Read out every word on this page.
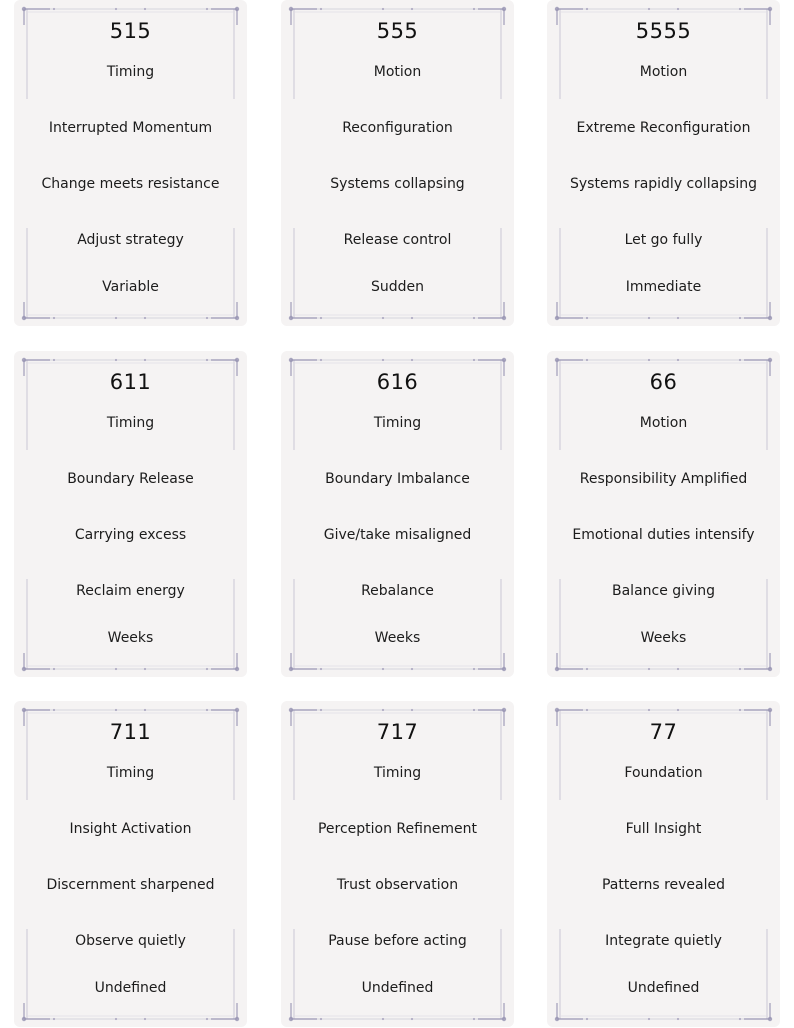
515
Timing
Interrupted Momentum
Change meets resistance
Adjust strategy
Variable
555
Motion
Reconfiguration
Systems collapsing
Release control
Sudden
5555
Motion
Extreme Reconfiguration
Systems rapidly collapsing
Let go fully
Immediate
611
Timing
Boundary Release
Carrying excess
Reclaim energy
Weeks
616
Timing
Boundary Imbalance
Give/take misaligned
Rebalance
Weeks
66
Motion
Responsibility Amplified
Emotional duties intensify
Balance giving
Weeks
711
Timing
Insight Activation
Discernment sharpened
Observe quietly
Undefined
717
Timing
Perception Refinement
Trust observation
Pause before acting
Undefined
77
Foundation
Full Insight
Patterns revealed
Integrate quietly
Undefined
